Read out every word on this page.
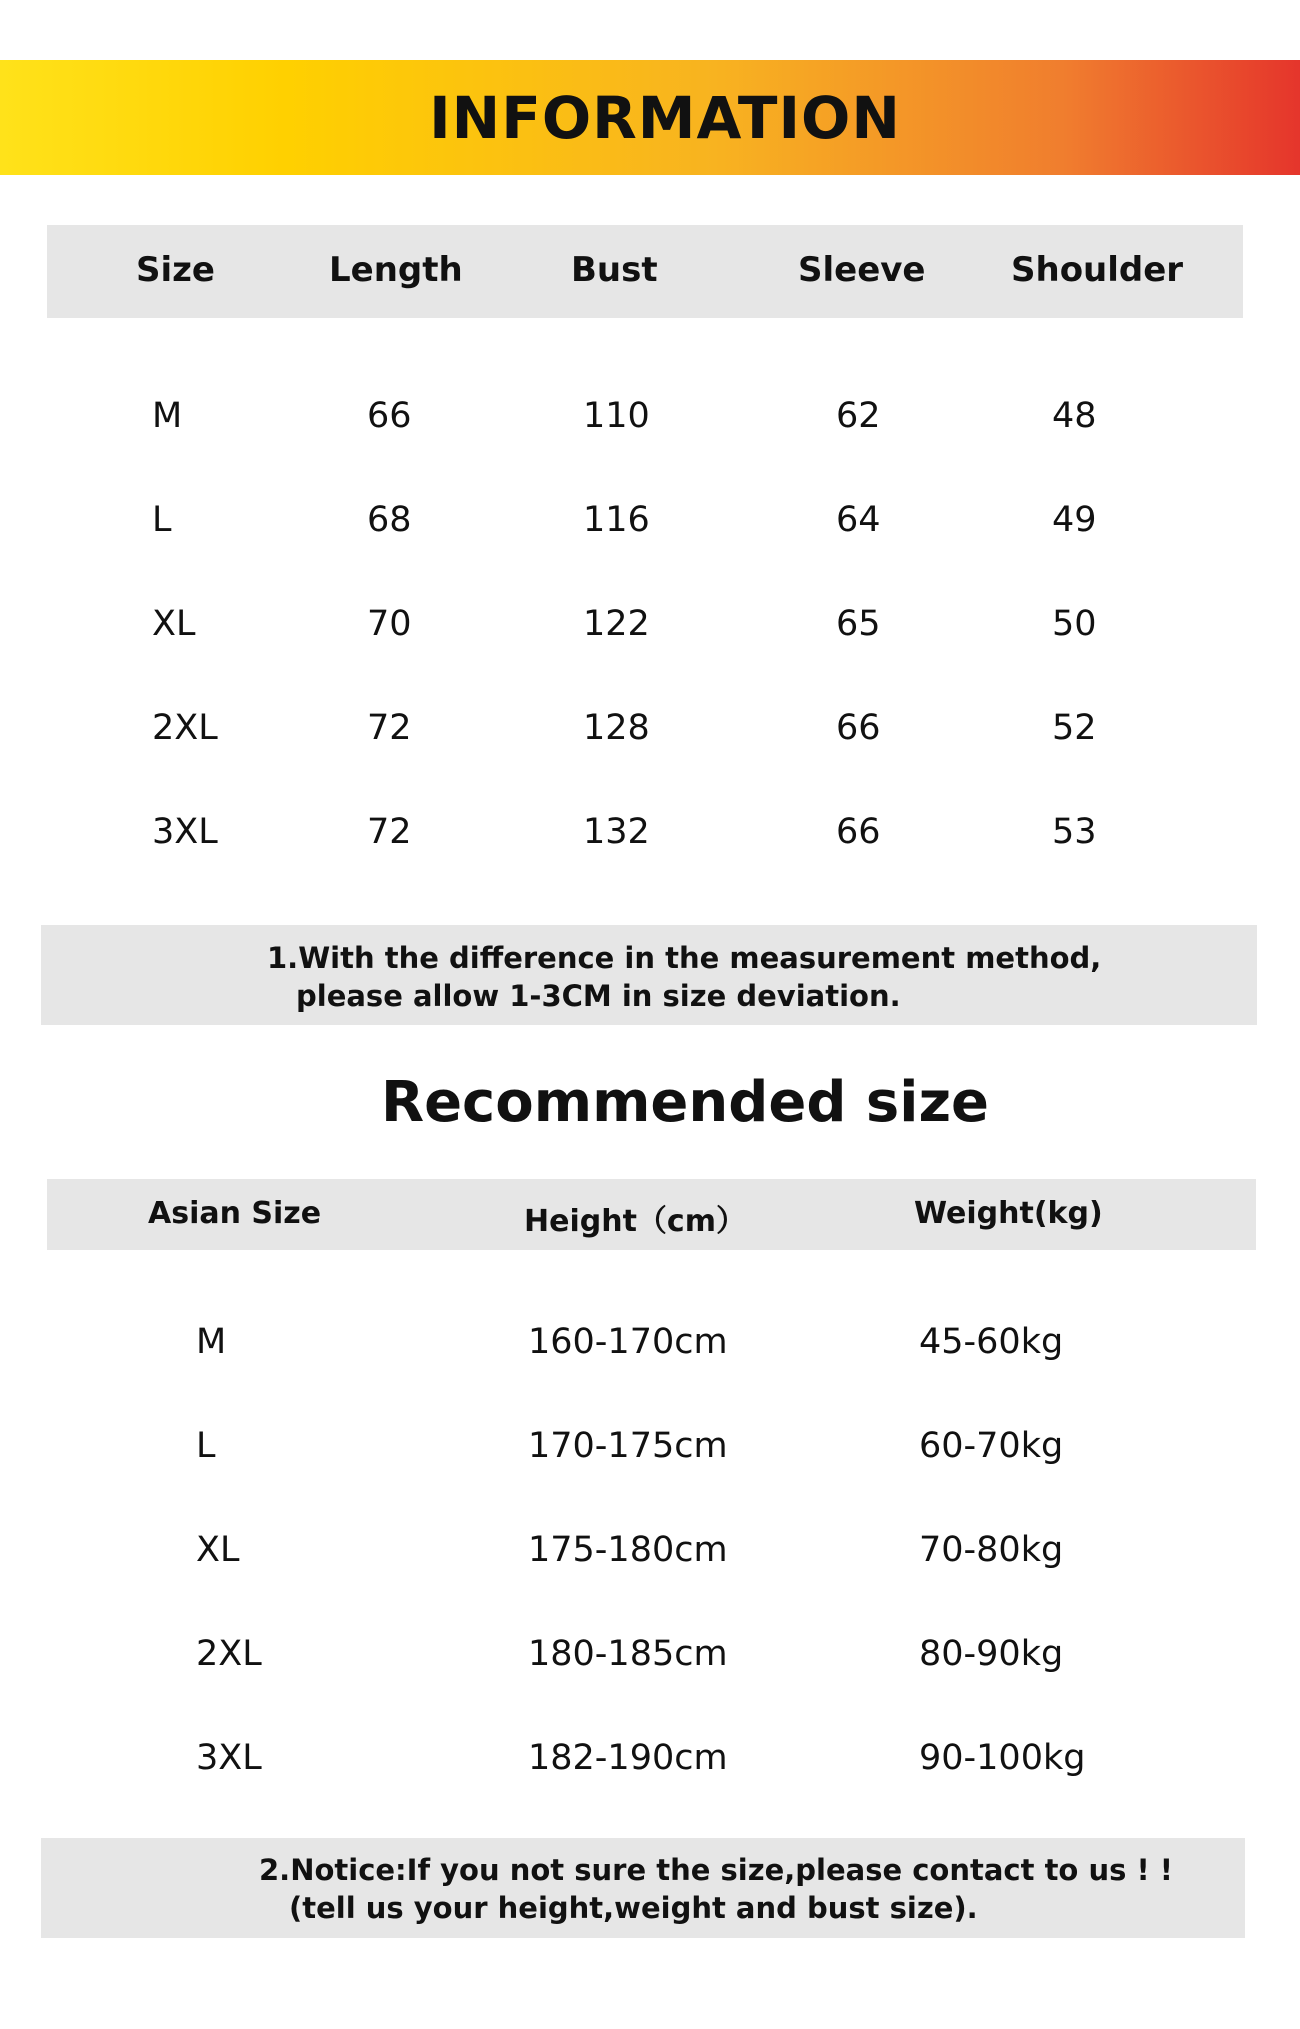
INFORMATION
Size	Length	Bust	Sleeve	Shoulder
M	66	110	62	48
L	68	116	64	49
XL	70	122	65	50
2XL	72	128	66	52
3XL	72	132	66	53
1.With the difference in the measurement method,
please allow 1-3CM in size deviation.
Recommended size
Asian Size	Height（cm）	Weight(kg)
M	160-170cm	45-60kg
L	170-175cm	60-70kg
XL	175-180cm	70-80kg
2XL	180-185cm	80-90kg
3XL	182-190cm	90-100kg
2.Notice:If you not sure the size,please contact to us ! !
(tell us your height,weight and bust size).
